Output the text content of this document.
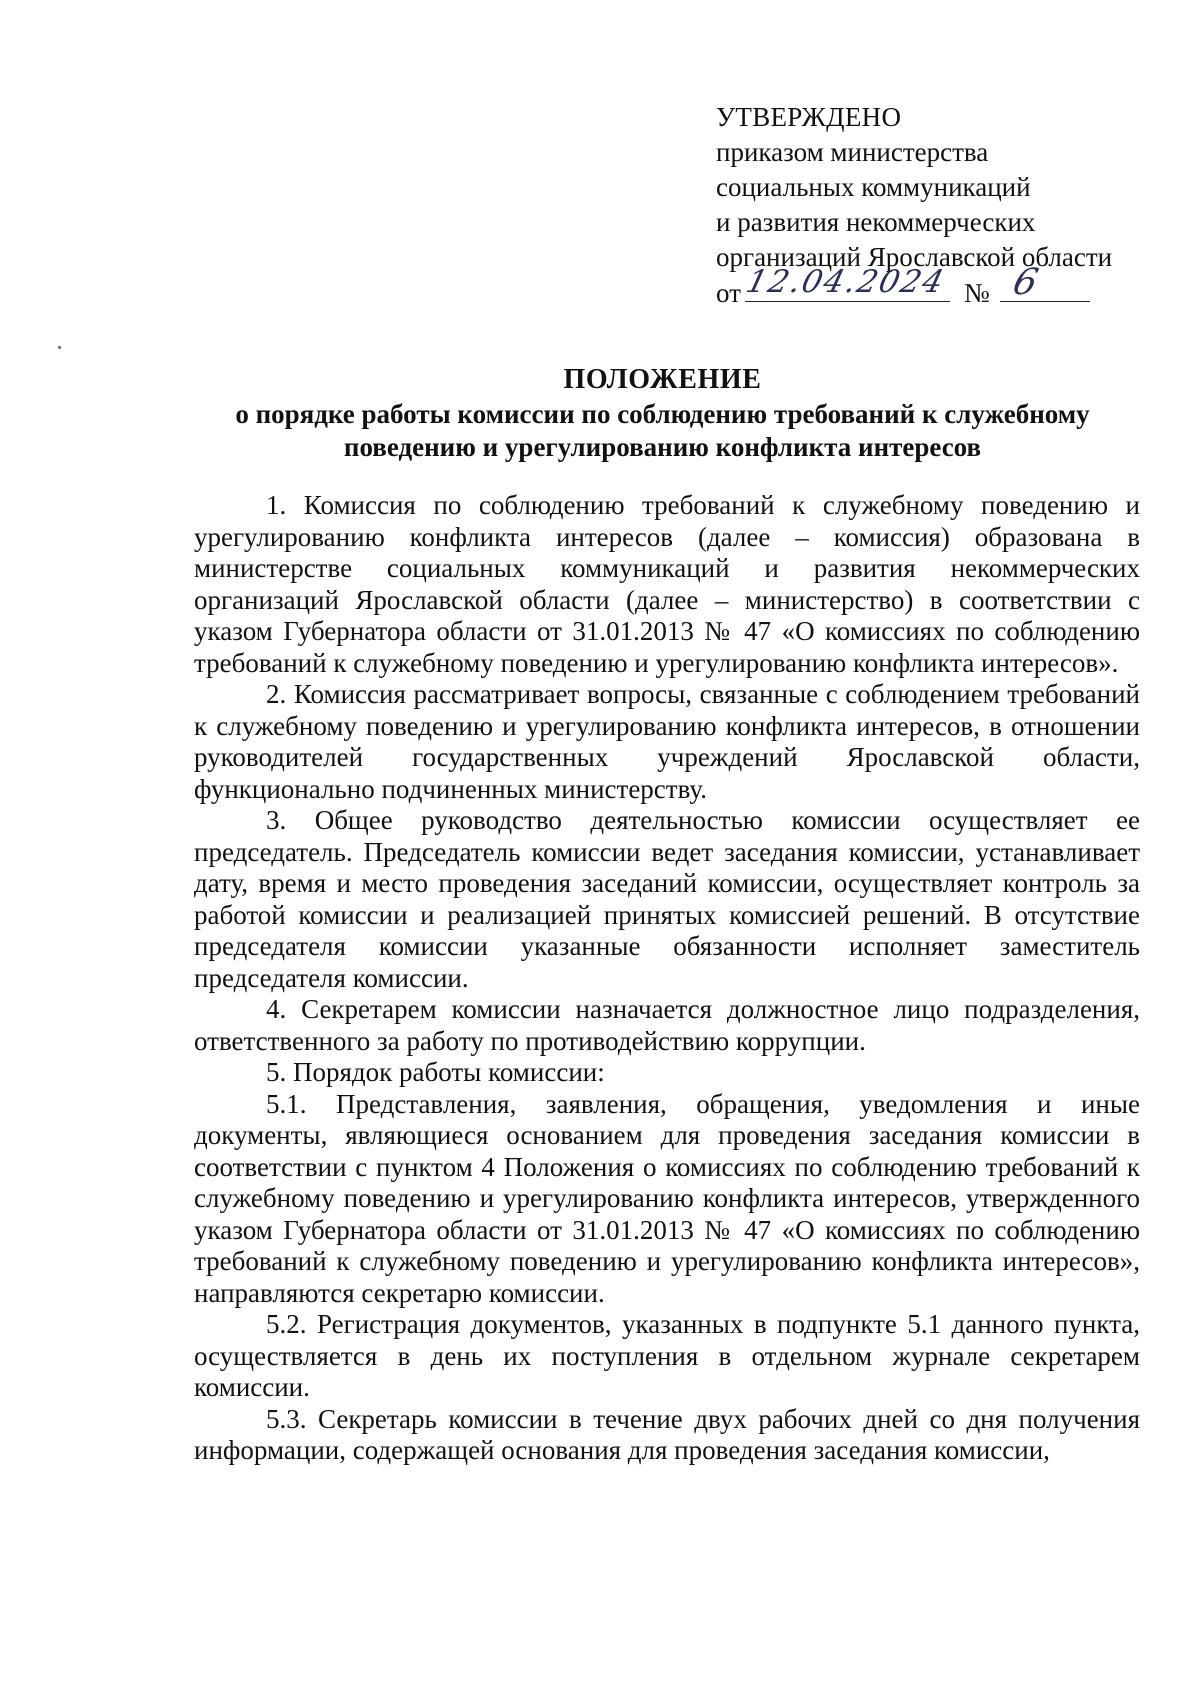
УТВЕРЖДЕНО
приказом министерства
социальных коммуникаций
и развития некоммерческих
организаций Ярославской области
от 12.04.2024 № 6
ПОЛОЖЕНИЕ
о порядке работы комиссии по соблюдению требований к служебному
поведению и урегулированию конфликта интересов

1. Комиссия по соблюдению требований к служебному поведению и урегулированию конфликта интересов (далее – комиссия) образована в министерстве социальных коммуникаций и развития некоммерческих организаций Ярославской области (далее – министерство) в соответствии с указом Губернатора области от 31.01.2013 № 47 «О комиссиях по соблюдению требований к служебному поведению и урегулированию конфликта интересов».

2. Комиссия рассматривает вопросы, связанные с соблюдением требований к служебному поведению и урегулированию конфликта интересов, в отношении руководителей государственных учреждений Ярославской области, функционально подчиненных министерству.

3. Общее руководство деятельностью комиссии осуществляет ее председатель. Председатель комиссии ведет заседания комиссии, устанавливает дату, время и место проведения заседаний комиссии, осуществляет контроль за работой комиссии и реализацией принятых комиссией решений. В отсутствие председателя комиссии указанные обязанности исполняет заместитель председателя комиссии.

4. Секретарем комиссии назначается должностное лицо подразделения, ответственного за работу по противодействию коррупции.

5. Порядок работы комиссии:

5.1. Представления, заявления, обращения, уведомления и иные документы, являющиеся основанием для проведения заседания комиссии в соответствии с пунктом 4 Положения о комиссиях по соблюдению требований к служебному поведению и урегулированию конфликта интересов, утвержденного указом Губернатора области от 31.01.2013 № 47 «О комиссиях по соблюдению требований к служебному поведению и урегулированию конфликта интересов», направляются секретарю комиссии.

5.2. Регистрация документов, указанных в подпункте 5.1 данного пункта, осуществляется в день их поступления в отдельном журнале секретарем комиссии.

5.3. Секретарь комиссии в течение двух рабочих дней со дня получения информации, содержащей основания для проведения заседания комиссии,
